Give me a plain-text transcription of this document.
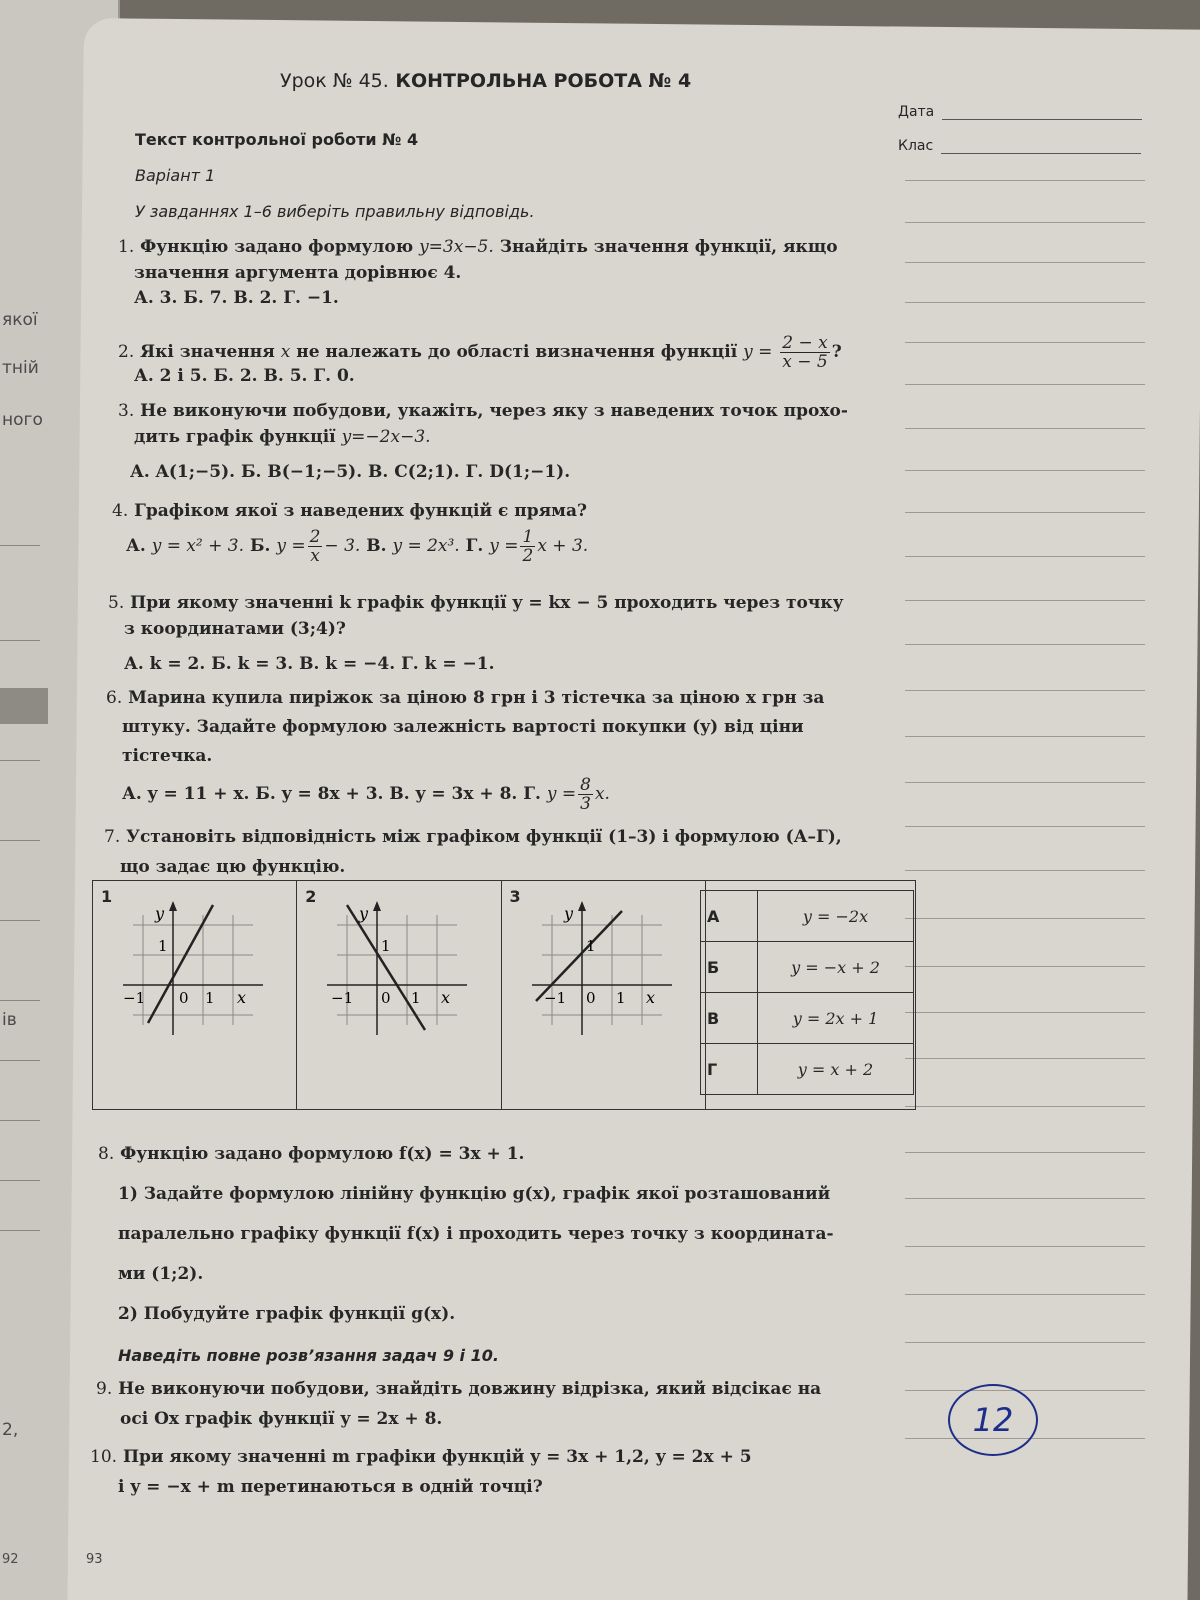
якої
тній
ного
ів
2,
92
Урок № 45. КОНТРОЛЬНА РОБОТА № 4
Дата
Клас
Текст контрольної роботи № 4
Варіант 1
У завданнях 1–6 виберіть правильну відповідь.
1. Функцію задано формулою y=3x−5. Знайдіть значення функції, якщо
значення аргумента дорівнює 4.
А. 3. Б. 7. В. 2. Г. −1.
2. Які значення x не належать до області визначення функції $y = \frac{2 - x}{x - 5}$ ?
А. 2 і 5. Б. 2. В. 5. Г. 0.
3. Не виконуючи побудови, укажіть, через яку з наведених точок прохо-
дить графік функції y=−2x−3.
А. A(1;−5). Б. B(−1;−5). В. C(2;1). Г. D(1;−1).
4. Графіком якої з наведених функцій є пряма?
А. y = x² + 3. Б. $y = \frac{2}{x} - 3$. В. y = 2x³. Г. $y = \frac{1}{2}$ x + 3.
5. При якому значенні k графік функції y = kx − 5 проходить через точку
з координатами (3;4)?
А. k = 2. Б. k = 3. В. k = −4. Г. k = −1.
6. Марина купила пиріжок за ціною 8 грн і 3 тістечка за ціною x грн за
штуку. Задайте формулою залежність вартості покупки (y) від ціни
тістечка.
А. y = 11 + x. Б. y = 8x + 3. В. y = 3x + 8. Г. $y = \frac{8}{3} x$.
7. Установіть відповідність між графіком функції (1–3) і формулою (А–Г),
що задає цю функцію.
1
y
1
0
−1	1 x
2
y
1
0
−1	1 x
3
y
1
0
−1	1 x
А	y = −2x
Б	y = −x + 2
В	y = 2x + 1
Г	y = x + 2
8. Функцію задано формулою f(x) = 3x + 1.
1) Задайте формулою лінійну функцію g(x), графік якої розташований
паралельно графіку функції f(x) і проходить через точку з координата-
ми (1;2).
2) Побудуйте графік функції g(x).
Наведіть повне розв’язання задач 9 і 10.
9. Не виконуючи побудови, знайдіть довжину відрізка, який відсікає на
осі Ox графік функції y = 2x + 8.
10. При якому значенні m графіки функцій y = 3x + 1,2, y = 2x + 5
і y = −x + m перетинаються в одній точці?
12
93
